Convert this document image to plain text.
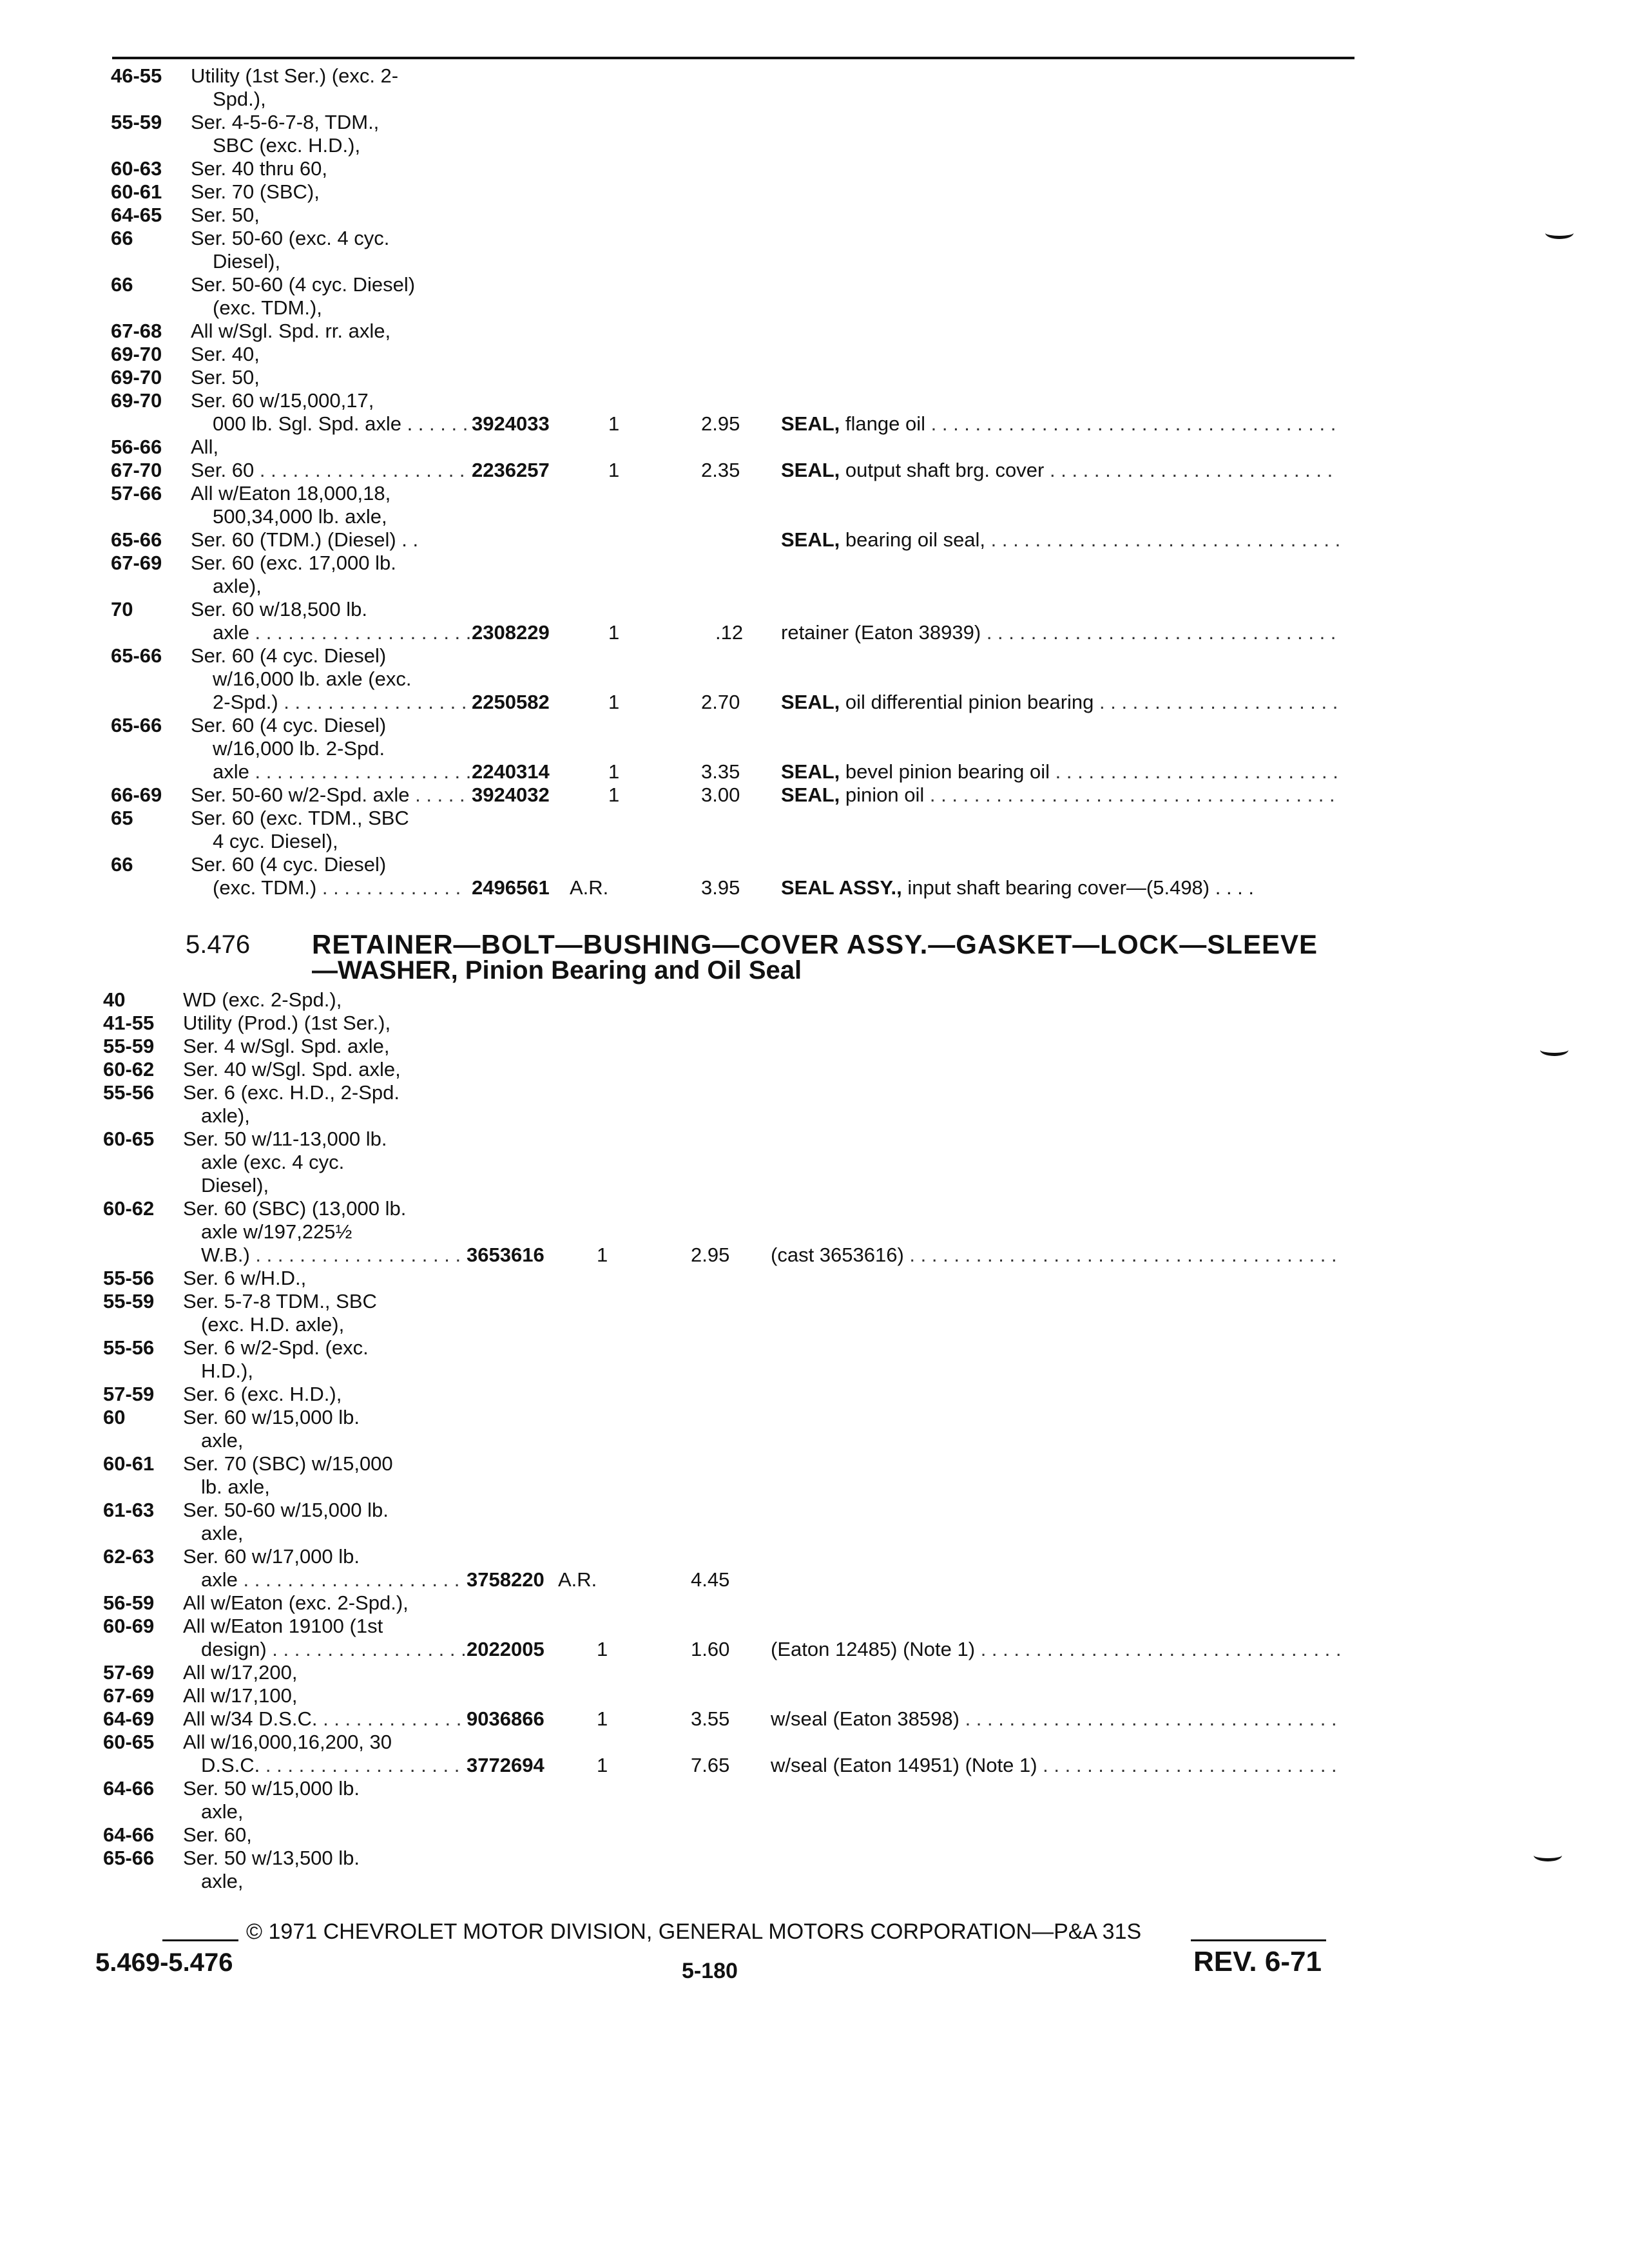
46-55 Utility (1st Ser.) (exc. 2-
Spd.),
55-59 Ser. 4-5-6-7-8, TDM.,
SBC (exc. H.D.),
60-63 Ser. 40 thru 60,
60-61 Ser. 70 (SBC),
64-65 Ser. 50,
66	Ser. 50-60 (exc. 4 cyc.
Diesel),
66	Ser. 50-60 (4 cyc. Diesel)
(exc. TDM.),
67-68 All w/Sgl. Spd. rr. axle,
69-70 Ser. 40,
69-70 Ser. 50,
69-70 Ser. 60 w/15,000,17,
000 lb. Sgl. Spd. axle . . . . . . 3924033	1	2.95 SEAL, flange oil . . . . . . . . . . . . . . . . . . . . . . . . . . . . . . . . . . . . .
56-66 All,
67-70 Ser. 60 . . . . . . . . . . . . . . . . . . . 2236257	1	2.35 SEAL, output shaft brg. cover . . . . . . . . . . . . . . . . . . . . . . . . . .
57-66 All w/Eaton 18,000,18,
500,34,000 lb. axle,
65-66 Ser. 60 (TDM.) (Diesel) . .	SEAL, bearing oil seal, . . . . . . . . . . . . . . . . . . . . . . . . . . . . . . . .
67-69 Ser. 60 (exc. 17,000 lb.
axle),
70	Ser. 60 w/18,500 lb.
axle . . . . . . . . . . . . . . . . . . . . 2308229	1	.12 retainer (Eaton 38939) . . . . . . . . . . . . . . . . . . . . . . . . . . . . . . . .
65-66 Ser. 60 (4 cyc. Diesel)
w/16,000 lb. axle (exc.
2-Spd.) . . . . . . . . . . . . . . . . . 2250582	1	2.70 SEAL, oil differential pinion bearing . . . . . . . . . . . . . . . . . . . . . .
65-66 Ser. 60 (4 cyc. Diesel)
w/16,000 lb. 2-Spd.
axle . . . . . . . . . . . . . . . . . . . . 2240314	1	3.35 SEAL, bevel pinion bearing oil . . . . . . . . . . . . . . . . . . . . . . . . . .
66-69 Ser. 50-60 w/2-Spd. axle . . . . . 3924032	1	3.00 SEAL, pinion oil . . . . . . . . . . . . . . . . . . . . . . . . . . . . . . . . . . . . .
65	Ser. 60 (exc. TDM., SBC
4 cyc. Diesel),
66	Ser. 60 (4 cyc. Diesel)
(exc. TDM.) . . . . . . . . . . . . . 2496561 A.R.	3.95 SEAL ASSY., input shaft bearing cover—(5.498) . . . .
5.476 RETAINER—BOLT—BUSHING—COVER ASSY.—GASKET—LOCK—SLEEVE
—WASHER, Pinion Bearing and Oil Seal
40	WD (exc. 2-Spd.),
41-55 Utility (Prod.) (1st Ser.),
55-59 Ser. 4 w/Sgl. Spd. axle,
60-62 Ser. 40 w/Sgl. Spd. axle,
55-56 Ser. 6 (exc. H.D., 2-Spd.
axle),
60-65 Ser. 50 w/11-13,000 lb.
axle (exc. 4 cyc.
Diesel),
60-62 Ser. 60 (SBC) (13,000 lb.
axle w/197,225½
W.B.) . . . . . . . . . . . . . . . . . . . 3653616	1	2.95 (cast 3653616) . . . . . . . . . . . . . . . . . . . . . . . . . . . . . . . . . . . . . . .
55-56 Ser. 6 w/H.D.,
55-59 Ser. 5-7-8 TDM., SBC
(exc. H.D. axle),
55-56 Ser. 6 w/2-Spd. (exc.
H.D.),
57-59 Ser. 6 (exc. H.D.),
60	Ser. 60 w/15,000 lb.
axle,
60-61 Ser. 70 (SBC) w/15,000
lb. axle,
61-63 Ser. 50-60 w/15,000 lb.
axle,
62-63 Ser. 60 w/17,000 lb.
axle . . . . . . . . . . . . . . . . . . . . 3758220 A.R.	4.45
56-59 All w/Eaton (exc. 2-Spd.),
60-69 All w/Eaton 19100 (1st
design) . . . . . . . . . . . . . . . . . . 2022005	1	1.60 (Eaton 12485) (Note 1) . . . . . . . . . . . . . . . . . . . . . . . . . . . . . . . . .
57-69 All w/17,200,
67-69 All w/17,100,
64-69 All w/34 D.S.C. . . . . . . . . . . . . . 9036866	1	3.55 w/seal (Eaton 38598) . . . . . . . . . . . . . . . . . . . . . . . . . . . . . . . . . .
60-65 All w/16,000,16,200, 30
D.S.C. . . . . . . . . . . . . . . . . . . 3772694	1	7.65 w/seal (Eaton 14951) (Note 1) . . . . . . . . . . . . . . . . . . . . . . . . . . .
64-66 Ser. 50 w/15,000 lb.
axle,
64-66 Ser. 60,
65-66 Ser. 50 w/13,500 lb.
axle,
© 1971 CHEVROLET MOTOR DIVISION, GENERAL MOTORS CORPORATION—P&A 31S
5.469-5.476	5-180	REV. 6-71
